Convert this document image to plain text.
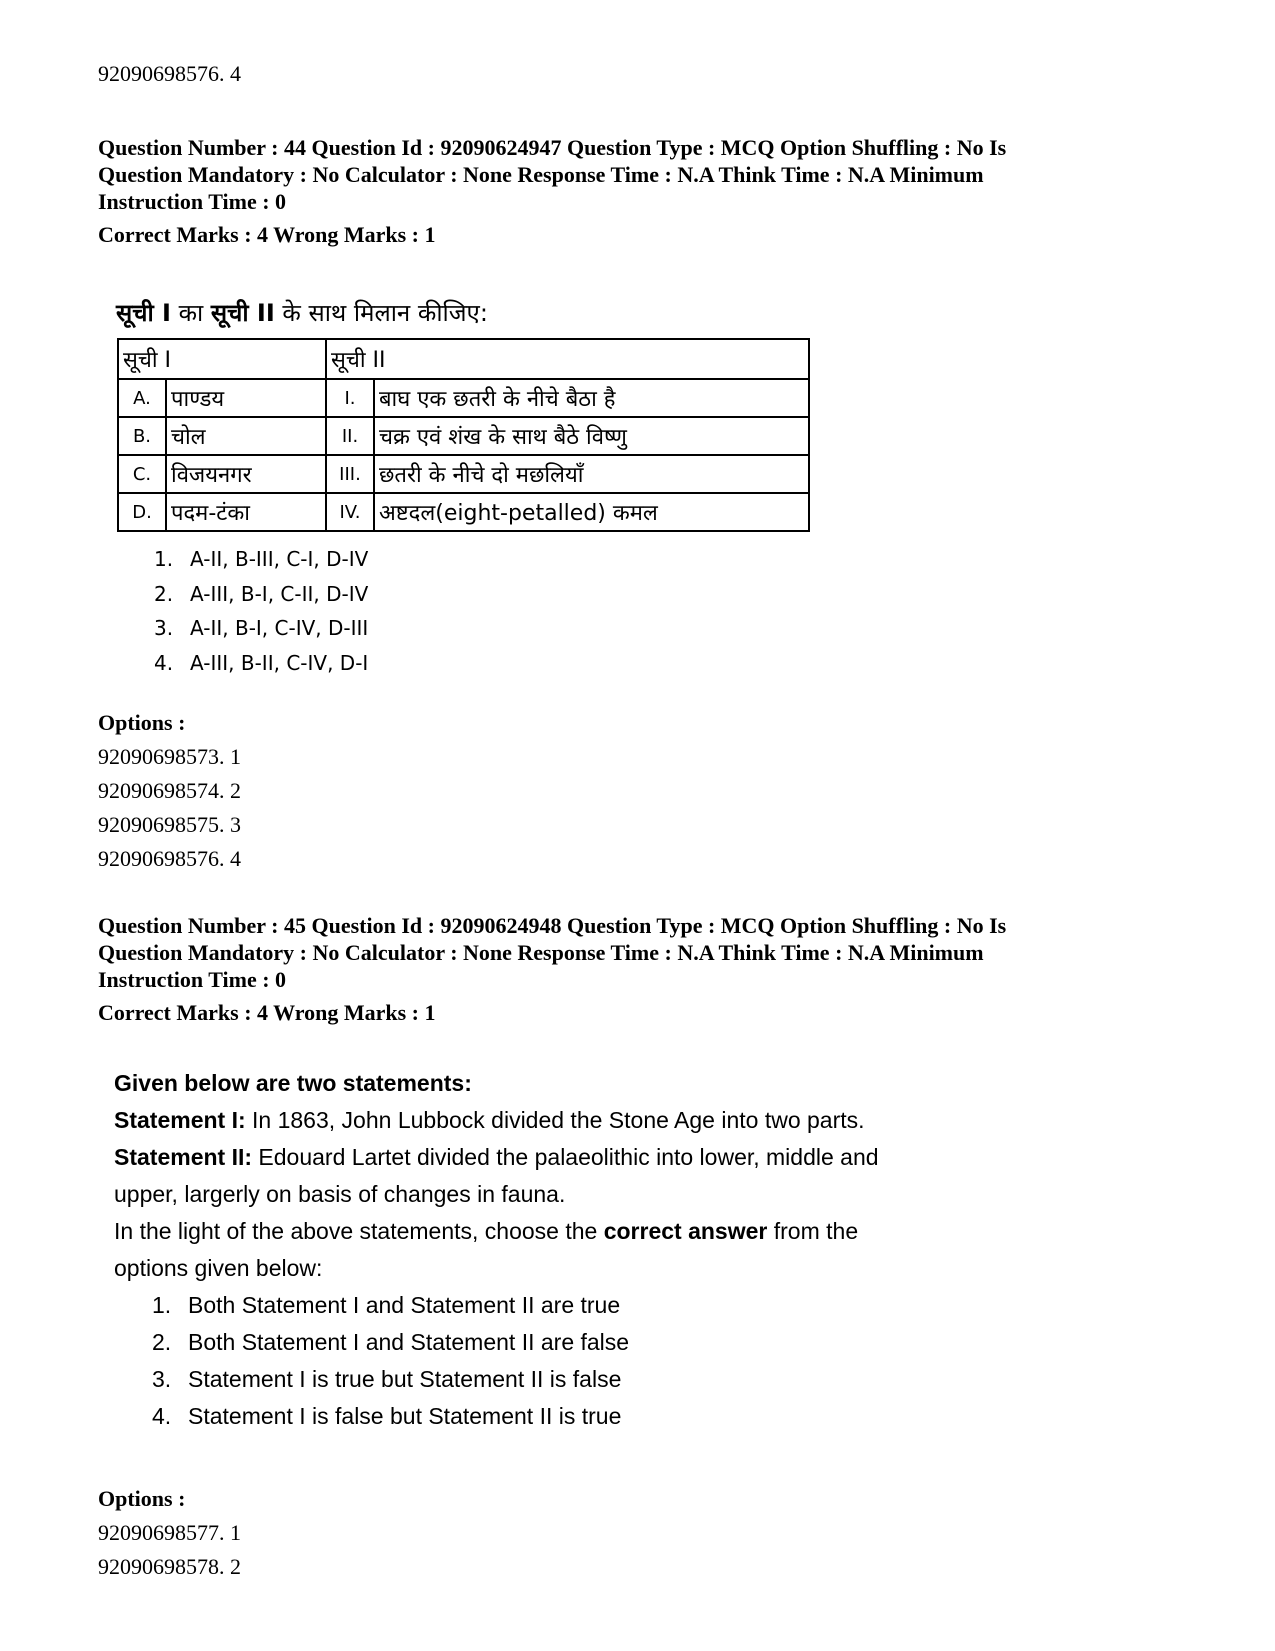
92090698576. 4
Question Number : 44 Question Id : 92090624947 Question Type : MCQ Option Shuffling : No Is
Question Mandatory : No Calculator : None Response Time : N.A Think Time : N.A Minimum
Instruction Time : 0
Correct Marks : 4 Wrong Marks : 1
सूची I का सूची II के साथ मिलान कीजिए:
सूची I		सूची II	
A.	पाण्डय	I.	बाघ एक छतरी के नीचे बैठा है
B.	चोल	II.	चक्र एवं शंख के साथ बैठे विष्णु
C.	विजयनगर	III.	छतरी के नीचे दो मछलियाँ
D.	पदम-टंका	IV.	अष्टदल(eight-petalled) कमल
1. A-II, B-III, C-I, D-IV
2. A-III, B-I, C-II, D-IV
3. A-II, B-I, C-IV, D-III
4. A-III, B-II, C-IV, D-I
Options :
92090698573. 1
92090698574. 2
92090698575. 3
92090698576. 4
Question Number : 45 Question Id : 92090624948 Question Type : MCQ Option Shuffling : No Is
Question Mandatory : No Calculator : None Response Time : N.A Think Time : N.A Minimum
Instruction Time : 0
Correct Marks : 4 Wrong Marks : 1
Given below are two statements:
Statement I: In 1863, John Lubbock divided the Stone Age into two parts.
Statement II: Edouard Lartet divided the palaeolithic into lower, middle and
upper, largerly on basis of changes in fauna.
In the light of the above statements, choose the correct answer from the
options given below:
1. Both Statement I and Statement II are true
2. Both Statement I and Statement II are false
3. Statement I is true but Statement II is false
4. Statement I is false but Statement II is true
Options :
92090698577. 1
92090698578. 2
